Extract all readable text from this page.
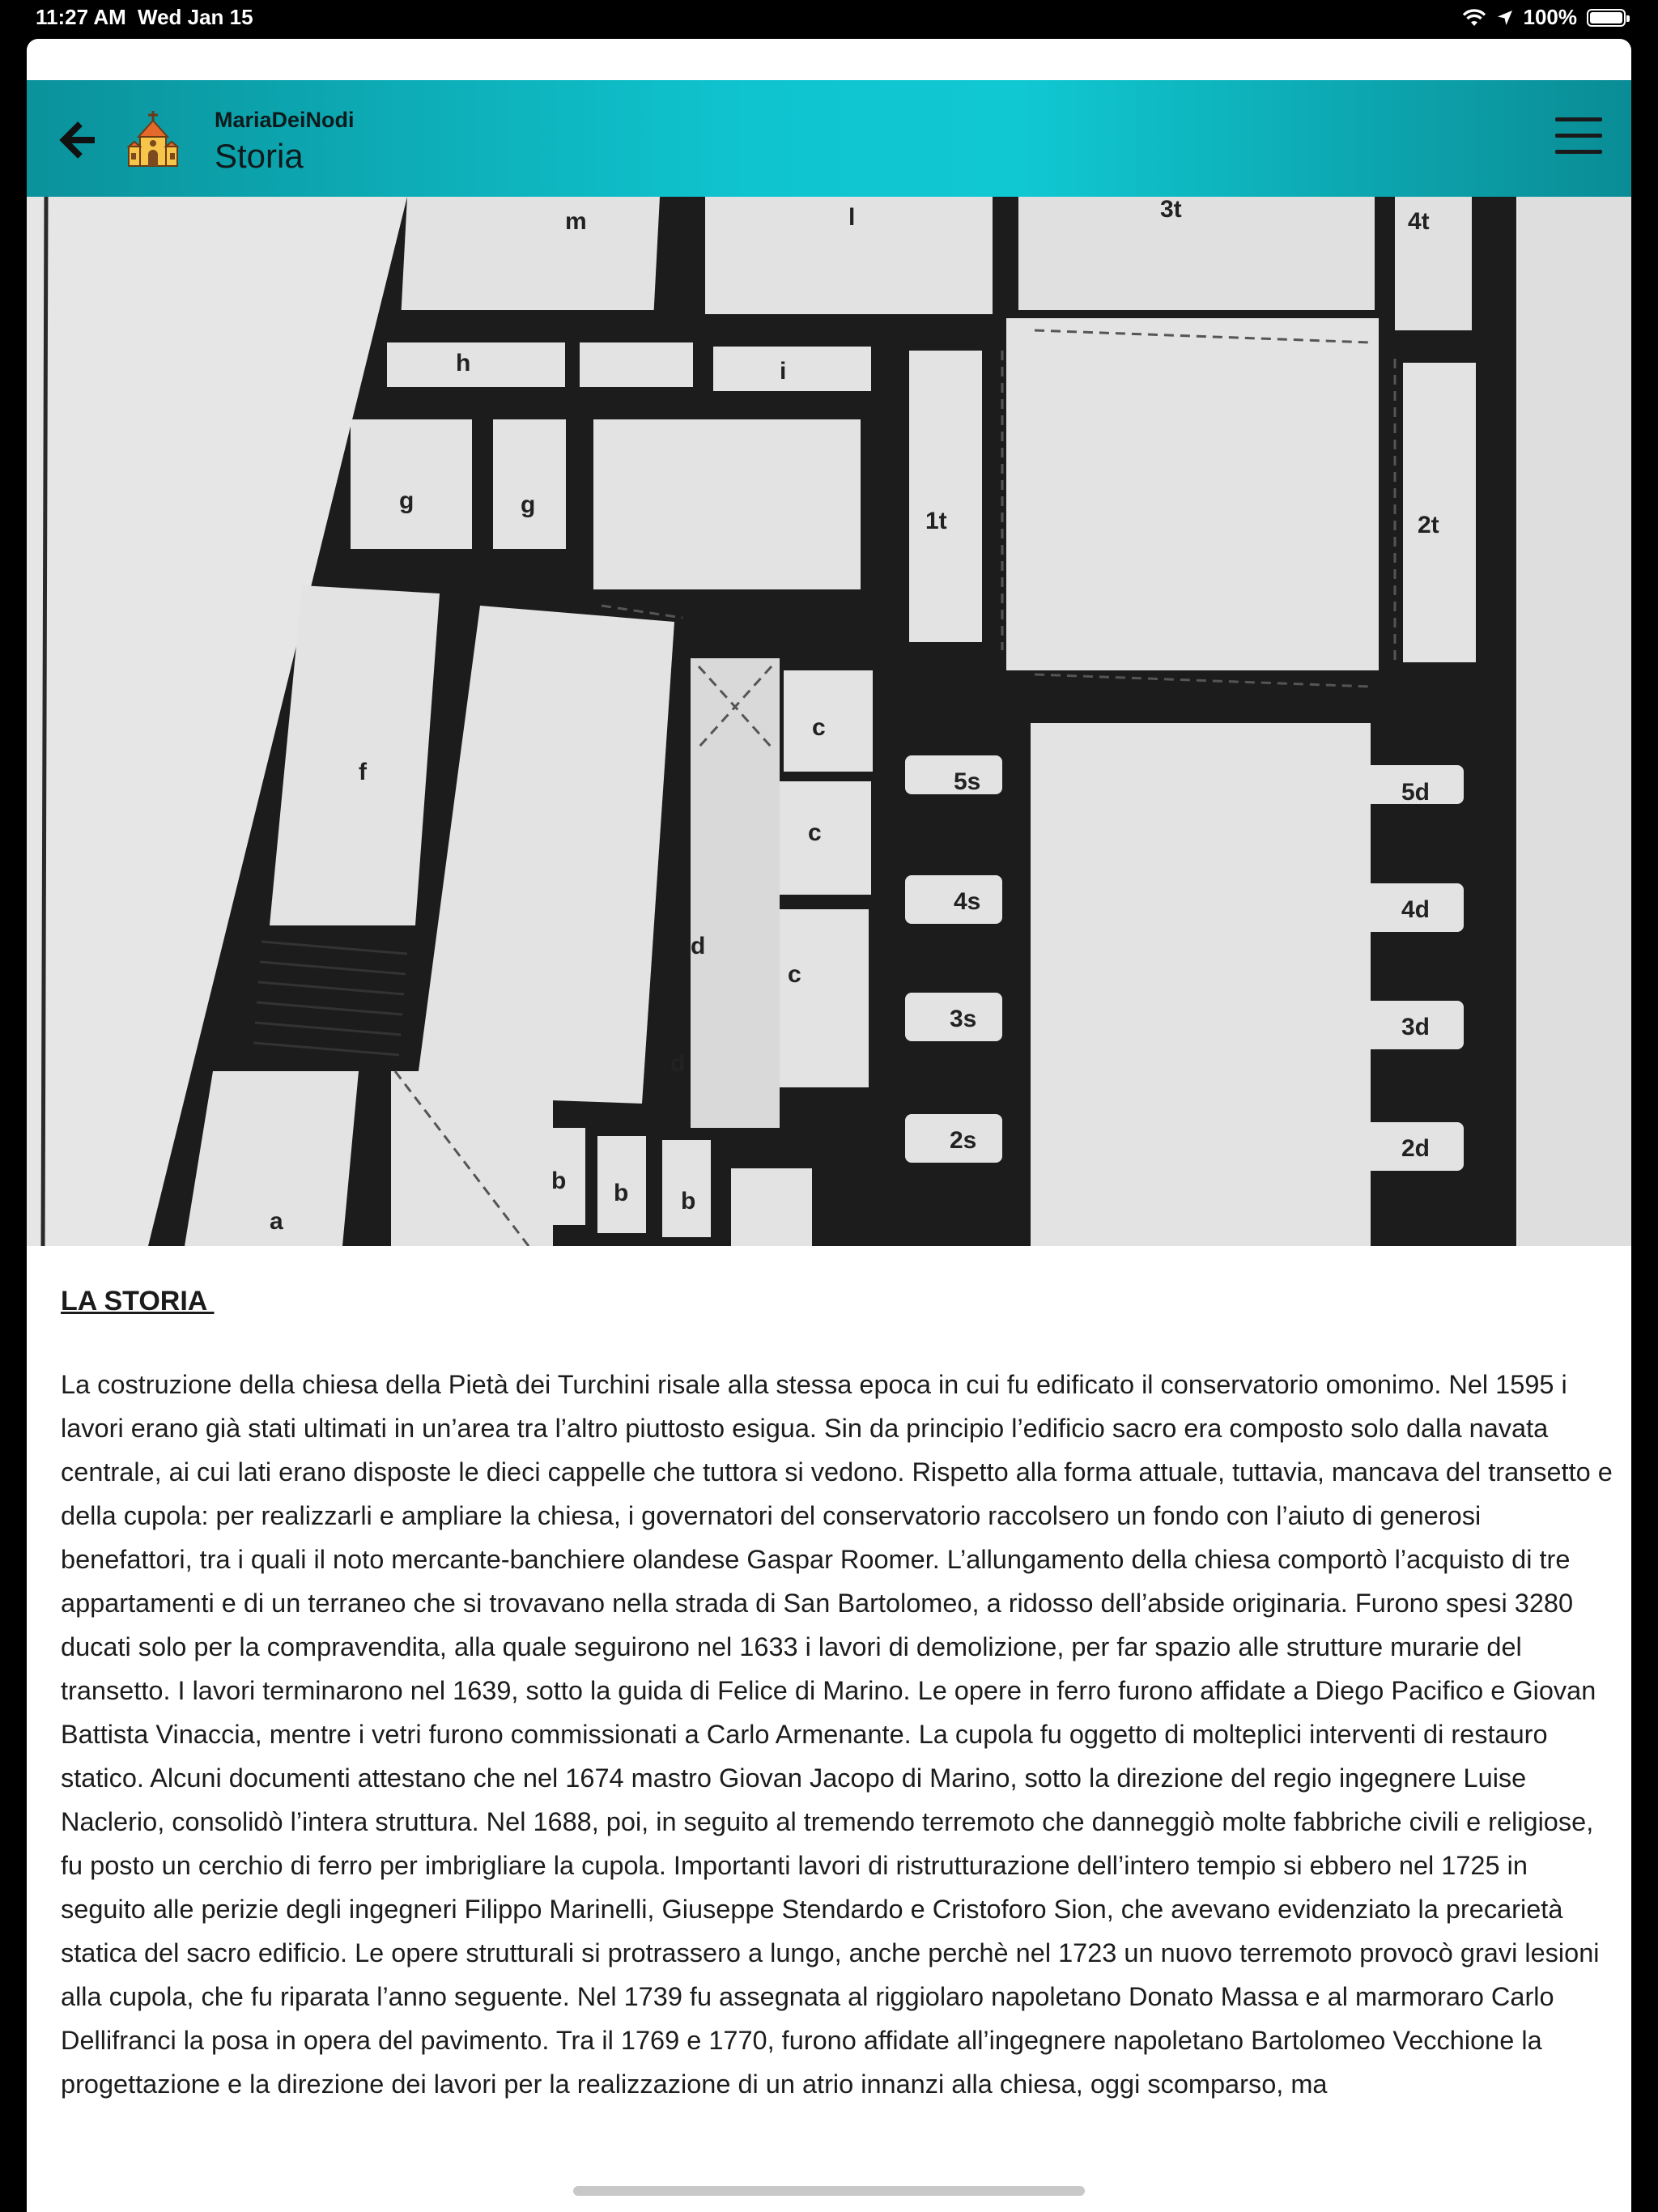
11:27 AM Wed Jan 15	100%
MariaDeiNodi
Storia
m	l	3t	4t
h	i
g	g
1t	2t
f
c
c
c
d
d
5s
4s
3s
2s
5d
4d
3d
2d
b b b
a

LA STORIA

La costruzione della chiesa della Pietà dei Turchini risale alla stessa epoca in cui fu edificato il conservatorio omonimo. Nel 1595 i lavori erano già stati ultimati in un’area tra l’altro piuttosto esigua. Sin da principio l’edificio sacro era composto solo dalla navata centrale, ai cui lati erano disposte le dieci cappelle che tuttora si vedono. Rispetto alla forma attuale, tuttavia, mancava del transetto e della cupola: per realizzarli e ampliare la chiesa, i governatori del conservatorio raccolsero un fondo con l’aiuto di generosi benefattori, tra i quali il noto mercante-banchiere olandese Gaspar Roomer. L’allungamento della chiesa comportò l’acquisto di tre appartamenti e di un terraneo che si trovavano nella strada di San Bartolomeo, a ridosso dell’abside originaria. Furono spesi 3280 ducati solo per la compravendita, alla quale seguirono nel 1633 i lavori di demolizione, per far spazio alle strutture murarie del transetto. I lavori terminarono nel 1639, sotto la guida di Felice di Marino. Le opere in ferro furono affidate a Diego Pacifico e Giovan Battista Vinaccia, mentre i vetri furono commissionati a Carlo Armenante. La cupola fu oggetto di molteplici interventi di restauro statico. Alcuni documenti attestano che nel 1674 mastro Giovan Jacopo di Marino, sotto la direzione del regio ingegnere Luise Naclerio, consolidò l’intera struttura. Nel 1688, poi, in seguito al tremendo terremoto che danneggiò molte fabbriche civili e religiose, fu posto un cerchio di ferro per imbrigliare la cupola. Importanti lavori di ristrutturazione dell’intero tempio si ebbero nel 1725 in seguito alle perizie degli ingegneri Filippo Marinelli, Giuseppe Stendardo e Cristoforo Sion, che avevano evidenziato la precarietà statica del sacro edificio. Le opere strutturali si protrassero a lungo, anche perchè nel 1723 un nuovo terremoto provocò gravi lesioni alla cupola, che fu riparata l’anno seguente. Nel 1739 fu assegnata al riggiolaro napoletano Donato Massa e al marmoraro Carlo Dellifranci la posa in opera del pavimento. Tra il 1769 e 1770, furono affidate all’ingegnere napoletano Bartolomeo Vecchione la progettazione e la direzione dei lavori per la realizzazione di un atrio innanzi alla chiesa, oggi scomparso, ma
